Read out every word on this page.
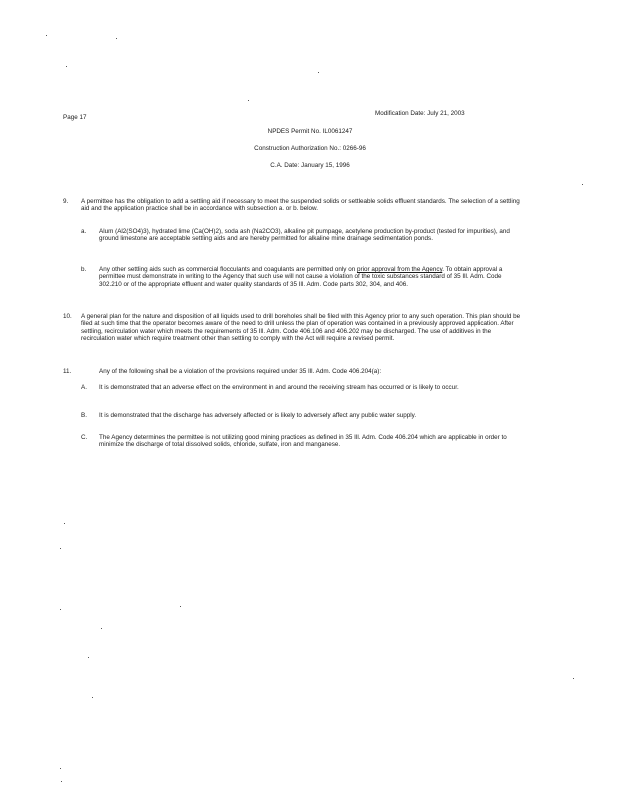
Page 17
Modification Date: July 21, 2003
NPDES Permit No. IL0061247
Construction Authorization No.: 0266-96
C.A. Date: January 15, 1996
9. A permittee has the obligation to add a settling aid if necessary to meet the suspended solids or settleable solids effluent standards. The selection of a settling aid and the application practice shall be in accordance with subsection a. or b. below.
a. Alum (Al2(SO4)3), hydrated lime (Ca(OH)2), soda ash (Na2CO3), alkaline pit pumpage, acetylene production by-product (tested for impurities), and ground limestone are acceptable settling aids and are hereby permitted for alkaline mine drainage sedimentation ponds.
b. Any other settling aids such as commercial flocculants and coagulants are permitted only on prior approval from the Agency. To obtain approval a permittee must demonstrate in writing to the Agency that such use will not cause a violation of the toxic substances standard of 35 Ill. Adm. Code 302.210 or of the appropriate effluent and water quality standards of 35 Ill. Adm. Code parts 302, 304, and 406.
10. A general plan for the nature and disposition of all liquids used to drill boreholes shall be filed with this Agency prior to any such operation. This plan should be filed at such time that the operator becomes aware of the need to drill unless the plan of operation was contained in a previously approved application. After settling, recirculation water which meets the requirements of 35 Ill. Adm. Code 406.106 and 406.202 may be discharged. The use of additives in the recirculation water which require treatment other than settling to comply with the Act will require a revised permit.
11.	Any of the following shall be a violation of the provisions required under 35 Ill. Adm. Code 406.204(a):
A. It is demonstrated that an adverse effect on the environment in and around the receiving stream has occurred or is likely to occur.
B. It is demonstrated that the discharge has adversely affected or is likely to adversely affect any public water supply.
C. The Agency determines the permittee is not utilizing good mining practices as defined in 35 Ill. Adm. Code 406.204 which are applicable in order to minimize the discharge of total dissolved solids, chloride, sulfate, iron and manganese.
